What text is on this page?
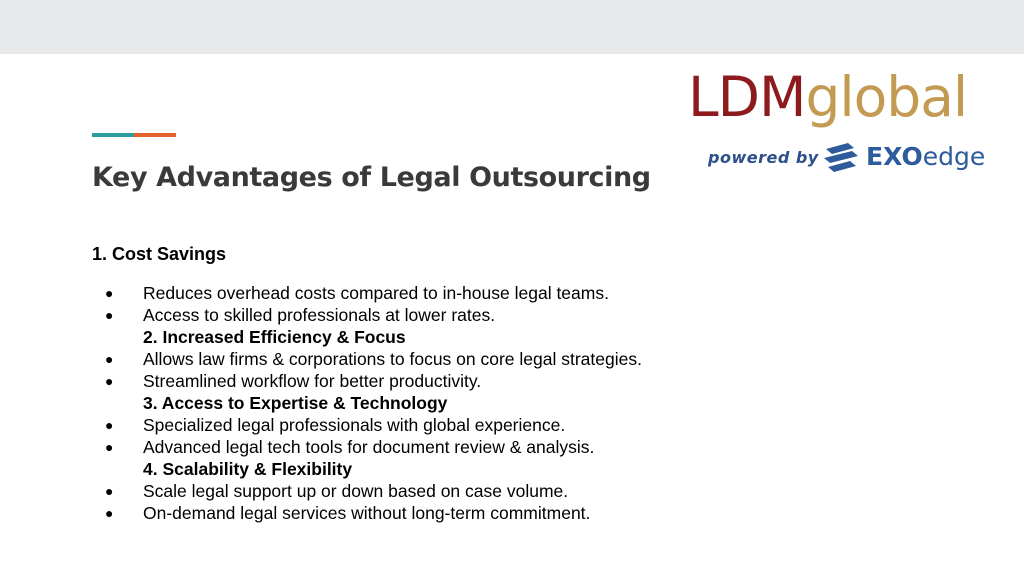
LDMglobal
powered by EXOedge
Key Advantages of Legal Outsourcing
1. Cost Savings
● Reduces overhead costs compared to in-house legal teams.
● Access to skilled professionals at lower rates.
2. Increased Efficiency & Focus
● Allows law firms & corporations to focus on core legal strategies.
● Streamlined workflow for better productivity.
3. Access to Expertise & Technology
● Specialized legal professionals with global experience.
● Advanced legal tech tools for document review & analysis.
4. Scalability & Flexibility
● Scale legal support up or down based on case volume.
● On-demand legal services without long-term commitment.
